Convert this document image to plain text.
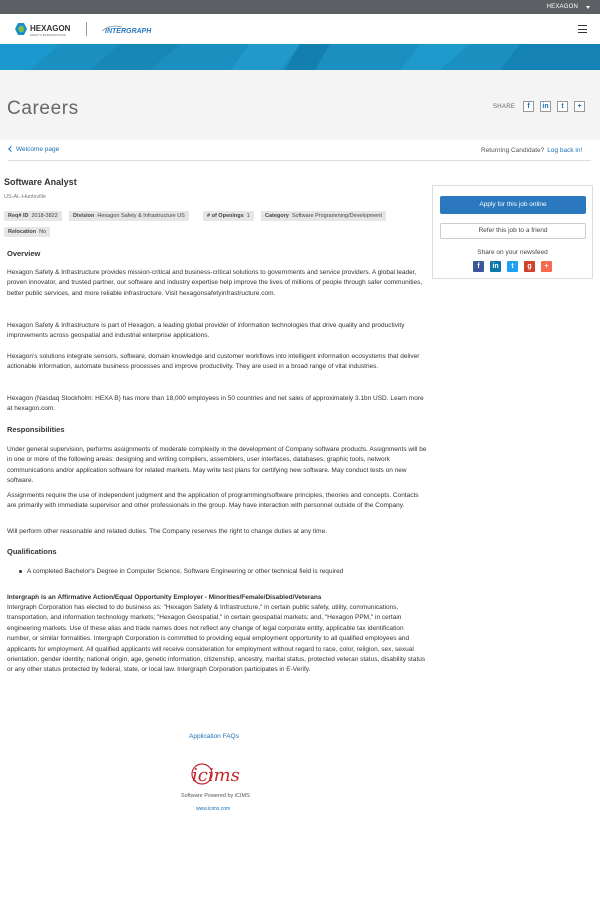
HEXAGON
HEXAGON
SAFETY & INFRASTRUCTURE
INTERGRAPH
Careers	SHARE	f	in	t	+
Welcome page	Returning Candidate? Log back in!
Software Analyst
US-AL-Huntsville
Req# ID 2018-3822	Division Hexagon Safety & Infrastructure US	# of Openings 1	Category Software Programming/Development
Relocation No
Overview
Hexagon Safety & Infrastructure provides mission-critical and business-critical solutions to governments and service providers. A global leader, proven innovator, and trusted partner, our software and industry expertise help improve the lives of millions of people through safer communities, better public services, and more reliable infrastructure. Visit hexagonsafetyinfrastructure.com.
Hexagon Safety & Infrastructure is part of Hexagon, a leading global provider of information technologies that drive quality and productivity improvements across geospatial and industrial enterprise applications.
Hexagon's solutions integrate sensors, software, domain knowledge and customer workflows into intelligent information ecosystems that deliver actionable information, automate business processes and improve productivity. They are used in a broad range of vital industries.
Hexagon (Nasdaq Stockholm: HEXA B) has more than 18,000 employees in 50 countries and net sales of approximately 3.1bn USD. Learn more at hexagon.com.
Responsibilities
Under general supervision, performs assignments of moderate complexity in the development of Company software products. Assignments will be in one or more of the following areas: designing and writing compilers, assemblers, user interfaces, databases, graphic tools, network communications and/or application software for related markets. May write test plans for certifying new software. May conduct tests on new software.
Assignments require the use of independent judgment and the application of programming/software principles, theories and concepts. Contacts are primarily with immediate supervisor and other professionals in the group. May have interaction with personnel outside of the Company.
Will perform other reasonable and related duties. The Company reserves the right to change duties at any time.
Qualifications
A completed Bachelor's Degree in Computer Science, Software Engineering or other technical field is required
Intergraph is an Affirmative Action/Equal Opportunity Employer - Minorities/Female/Disabled/Veterans
Intergraph Corporation has elected to do business as: "Hexagon Safety & Infrastructure," in certain public safety, utility, communications, transportation, and information technology markets; "Hexagon Geospatial," in certain geospatial markets; and, "Hexagon PPM," in certain engineering markets. Use of these alias and trade names does not reflect any change of legal corporate entity, applicable tax identification number, or similar formalities. Intergraph Corporation is committed to providing equal employment opportunity to all qualified employees and applicants for employment. All qualified applicants will receive consideration for employment without regard to race, color, religion, sex, sexual orientation, gender identity, national origin, age, genetic information, citizenship, ancestry, marital status, protected veteran status, disability status or any other status protected by federal, state, or local law. Intergraph Corporation participates in E-Verify.
Application FAQs
icims
Software Powered by iCIMS
www.icims.com
Apply for this job online
Refer this job to a friend
Share on your newsfeed
f	in	t	g	+
